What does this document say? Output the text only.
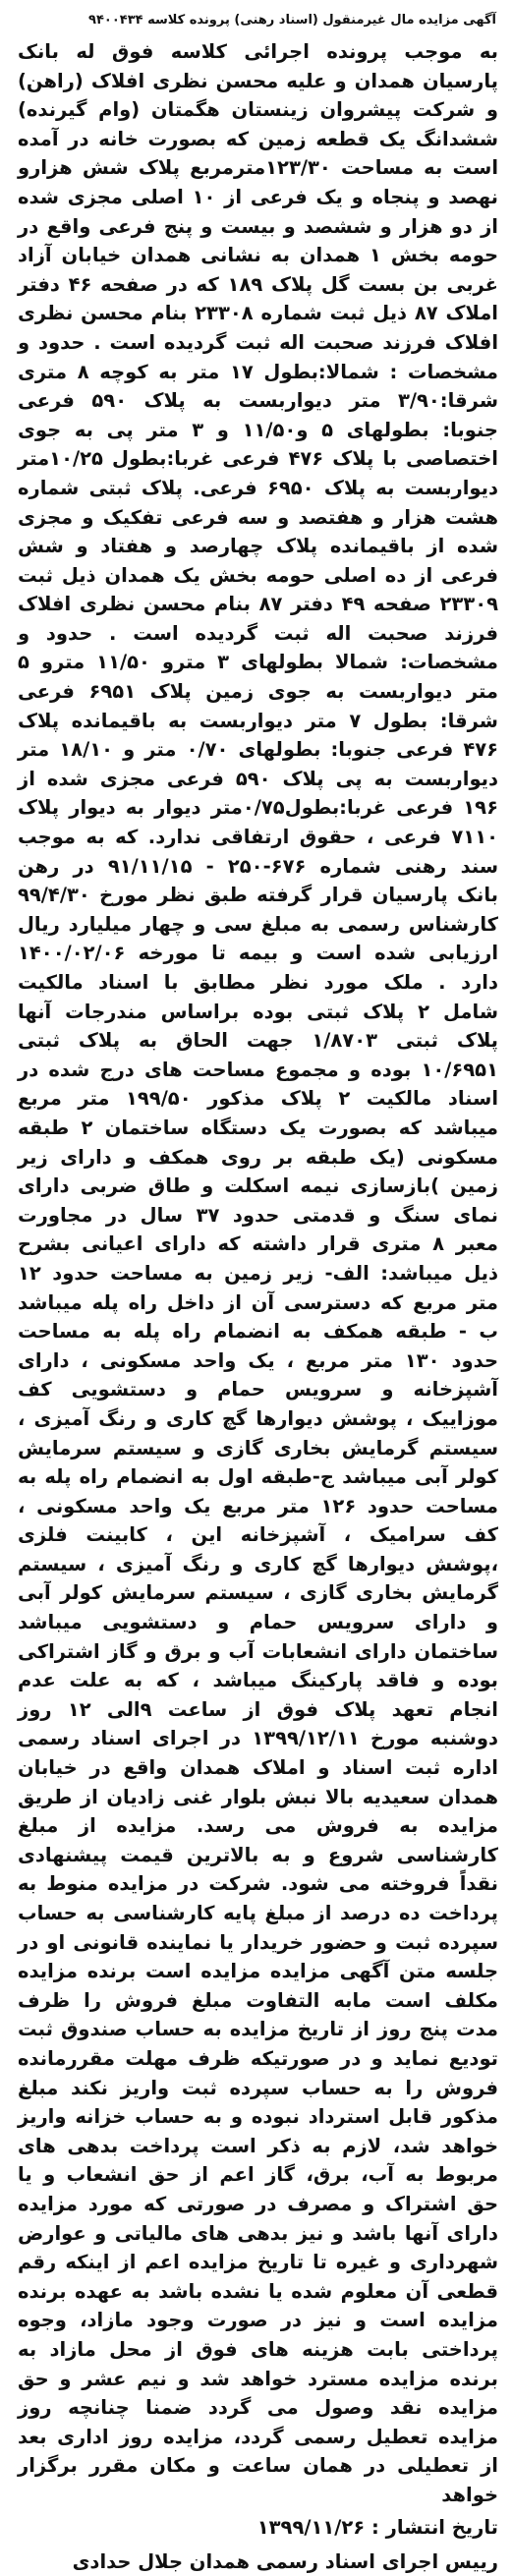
آگهی مزایده مال غیرمنقول (اسناد رهنی) پرونده کلاسه ۹۴۰۰۴۳۴

به موجب پرونده اجرائی کلاسه فوق له بانک پارسیان همدان و علیه محسن نظری افلاک (راهن) و شرکت پیشروان زینستان هگمتان (وام گیرنده) ششدانگ یک قطعه زمین که بصورت خانه در آمده است به مساحت ۱۲۳/۳۰مترمربع پلاک شش هزارو نهصد و پنجاه و یک فرعی از ۱۰ اصلی مجزی شده از دو هزار و ششصد و بیست و پنج فرعی واقع در حومه بخش ۱ همدان به نشانی همدان خیابان آزاد غربی بن بست گل پلاک ۱۸۹ که در صفحه ۴۶ دفتر املاک ۸۷ ذیل ثبت شماره ۲۳۳۰۸ بنام محسن نظری افلاک فرزند صحبت اله ثبت گردیده است . حدود و مشخصات : شمالا:بطول ۱۷ متر به کوچه ۸ متری شرقا:۳/۹۰ متر دیواربست به پلاک ۵۹۰ فرعی جنوبا: بطولهای ۵ و۱۱/۵۰ و ۳ متر پی به جوی اختصاصی با پلاک ۴۷۶ فرعی غربا:بطول ۱۰/۲۵متر دیواربست به پلاک ۶۹۵۰ فرعی. پلاک ثبتی شماره هشت هزار و هفتصد و سه فرعی تفکیک و مجزی شده از باقیمانده پلاک چهارصد و هفتاد و شش فرعی از ده اصلی حومه بخش یک همدان ذیل ثبت ۲۳۳۰۹ صفحه ۴۹ دفتر ۸۷ بنام محسن نظری افلاک فرزند صحبت اله ثبت گردیده است . حدود و مشخصات: شمالا بطولهای ۳ مترو ۱۱/۵۰ مترو ۵ متر دیواربست به جوی زمین پلاک ۶۹۵۱ فرعی شرقا: بطول ۷ متر دیواربست به باقیمانده پلاک ۴۷۶ فرعی جنوبا: بطولهای ۰/۷۰ متر و ۱۸/۱۰ متر دیواربست به پی پلاک ۵۹۰ فرعی مجزی شده از ۱۹۶ فرعی غربا:بطول۰/۷۵متر دیوار به دیوار پلاک ۷۱۱۰ فرعی ، حقوق ارتفاقی ندارد. که به موجب سند رهنی شماره ۶۷۶-۲۵۰ - ۹۱/۱۱/۱۵ در رهن بانک پارسیان قرار گرفته طبق نظر مورخ ۹۹/۴/۳۰ کارشناس رسمی به مبلغ سی و چهار میلیارد ریال ارزیابی شده است و بیمه تا مورخه ۱۴۰۰/۰۲/۰۶ دارد . ملک مورد نظر مطابق با اسناد مالکیت شامل ۲ پلاک ثبتی بوده براساس مندرجات آنها پلاک ثبتی ۱/۸۷۰۳ جهت الحاق به پلاک ثبتی ۱۰/۶۹۵۱ بوده و مجموع مساحت های درج شده در اسناد مالکیت ۲ پلاک مذکور ۱۹۹/۵۰ متر مربع میباشد که بصورت یک دستگاه ساختمان ۲ طبقه مسکونی (یک طبقه بر روی همکف و دارای زیر زمین )بازسازی نیمه اسکلت و طاق ضربی دارای نمای سنگ و قدمتی حدود ۳۷ سال در مجاورت معبر ۸ متری قرار داشته که دارای اعیانی بشرح ذیل میباشد: الف- زیر زمین به مساحت حدود ۱۲ متر مربع که دسترسی آن از داخل راه پله میباشد ب - طبقه همکف به انضمام راه پله به مساحت حدود ۱۳۰ متر مربع ، یک واحد مسکونی ، دارای آشپزخانه و سرویس حمام و دستشویی کف موزاییک ، پوشش دیوارها گچ کاری و رنگ آمیزی ، سیستم گرمایش بخاری گازی و سیستم سرمایش کولر آبی میباشد ج-طبقه اول به انضمام راه پله به مساحت حدود ۱۲۶ متر مربع یک واحد مسکونی ، کف سرامیک ، آشپزخانه این ، کابینت فلزی ،پوشش دیوارها گچ کاری و رنگ آمیزی ، سیستم گرمایش بخاری گازی ، سیستم سرمایش کولر آبی و دارای سرویس حمام و دستشویی میباشد ساختمان دارای انشعابات آب و برق و گاز اشتراکی بوده و فاقد پارکینگ میباشد ، که به علت عدم انجام تعهد پلاک فوق از ساعت ۹الی ۱۲ روز دوشنبه مورخ ۱۳۹۹/۱۲/۱۱ در اجرای اسناد رسمی اداره ثبت اسناد و املاک همدان واقع در خیابان همدان سعیدیه بالا نبش بلوار غنی زادیان از طریق مزایده به فروش می رسد. مزایده از مبلغ کارشناسی شروع و به بالاترین قیمت پیشنهادی نقداً فروخته می شود. شرکت در مزایده منوط به پرداخت ده درصد از مبلغ پایه کارشناسی به حساب سپرده ثبت و حضور خریدار یا نماینده قانونی او در جلسه متن آگهی مزایده مزایده است برنده مزایده مکلف است مابه التفاوت مبلغ فروش را ظرف مدت پنج روز از تاریخ مزایده به حساب صندوق ثبت تودیع نماید و در صورتیکه ظرف مهلت مقررمانده فروش را به حساب سپرده ثبت واریز نکند مبلغ مذکور قابل استرداد نبوده و به حساب خزانه واریز خواهد شد، لازم به ذکر است پرداخت بدهی های مربوط به آب، برق، گاز اعم از حق انشعاب و یا حق اشتراک و مصرف در صورتی که مورد مزایده دارای آنها باشد و نیز بدهی های مالیاتی و عوارض شهرداری و غیره تا تاریخ مزایده اعم از اینکه رقم قطعی آن معلوم شده یا نشده باشد به عهده برنده مزایده است و نیز در صورت وجود مازاد، وجوه پرداختی بابت هزینه های فوق از محل مازاد به برنده مزایده مسترد خواهد شد و نیم عشر و حق مزایده نقد وصول می گردد ضمنا چنانچه روز مزایده تعطیل رسمی گردد، مزایده روز اداری بعد از تعطیلی در همان ساعت و مکان مقرر برگزار خواهد

تاریخ انتشار : ۱۳۹۹/۱۱/۲۶
رییس اجرای اسناد رسمی همدان جلال حدادی
